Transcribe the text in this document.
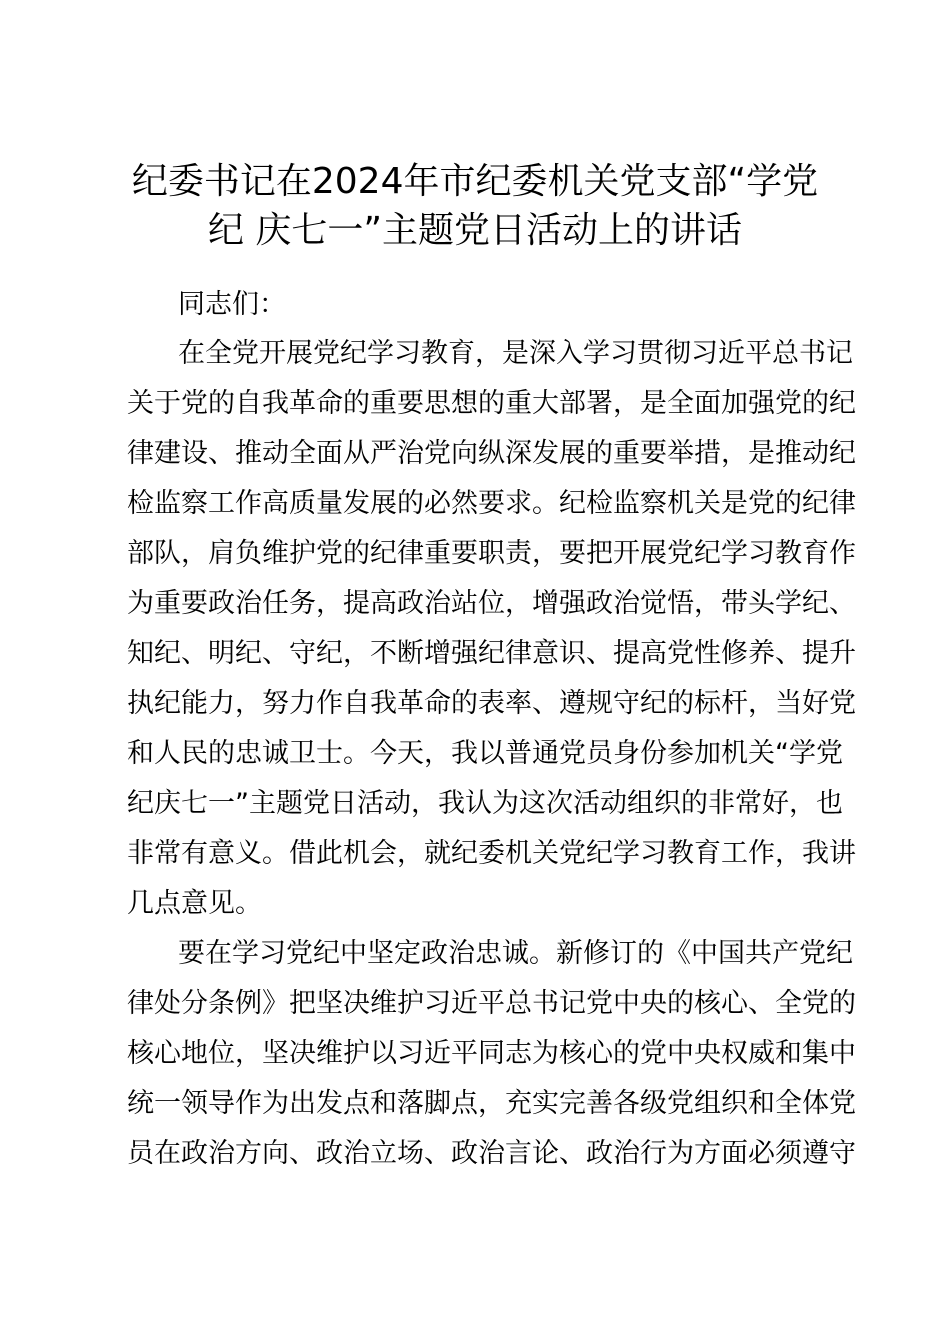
纪委书记在2024年市纪委机关党支部“学党
纪 庆七一”主题党日活动上的讲话
同志们：
在全党开展党纪学习教育，是深入学习贯彻习近平总书记
关于党的自我革命的重要思想的重大部署，是全面加强党的纪
律建设、推动全面从严治党向纵深发展的重要举措，是推动纪
检监察工作高质量发展的必然要求。纪检监察机关是党的纪律
部队，肩负维护党的纪律重要职责，要把开展党纪学习教育作
为重要政治任务，提高政治站位，增强政治觉悟，带头学纪、
知纪、明纪、守纪，不断增强纪律意识、提高党性修养、提升
执纪能力，努力作自我革命的表率、遵规守纪的标杆，当好党
和人民的忠诚卫士。今天，我以普通党员身份参加机关“学党
纪庆七一”主题党日活动，我认为这次活动组织的非常好，也
非常有意义。借此机会，就纪委机关党纪学习教育工作，我讲
几点意见。
要在学习党纪中坚定政治忠诚。新修订的《中国共产党纪
律处分条例》把坚决维护习近平总书记党中央的核心、全党的
核心地位，坚决维护以习近平同志为核心的党中央权威和集中
统一领导作为出发点和落脚点，充实完善各级党组织和全体党
员在政治方向、政治立场、政治言论、政治行为方面必须遵守
